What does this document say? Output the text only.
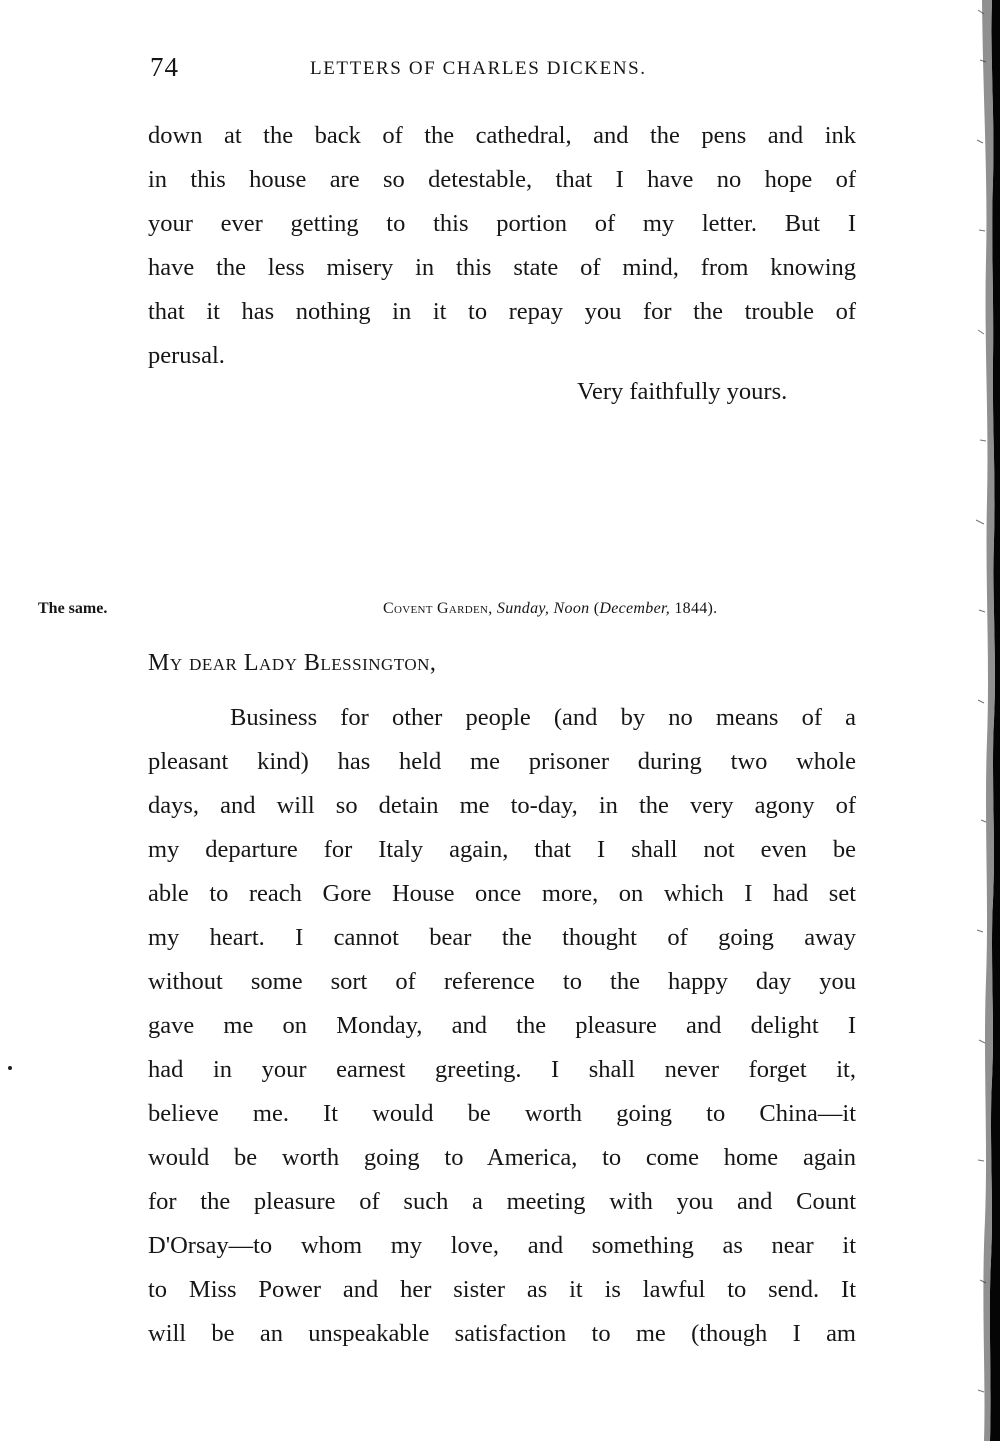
74	LETTERS OF CHARLES DICKENS.
down at the back of the cathedral, and the pens and ink
in this house are so detestable, that I have no hope of
your ever getting to this portion of my letter. But I
have the less misery in this state of mind, from knowing
that it has nothing in it to repay you for the trouble of
perusal.
Very faithfully yours.
The same.	Covent Garden, Sunday, Noon (December, 1844).
My dear Lady Blessington,
Business for other people (and by no means of a
pleasant kind) has held me prisoner during two whole
days, and will so detain me to-day, in the very agony of
my departure for Italy again, that I shall not even be
able to reach Gore House once more, on which I had set
my heart. I cannot bear the thought of going away
without some sort of reference to the happy day you
gave me on Monday, and the pleasure and delight I
had in your earnest greeting. I shall never forget it,
believe me. It would be worth going to China—it
would be worth going to America, to come home again
for the pleasure of such a meeting with you and Count
D'Orsay—to whom my love, and something as near it
to Miss Power and her sister as it is lawful to send. It
will be an unspeakable satisfaction to me (though I am
